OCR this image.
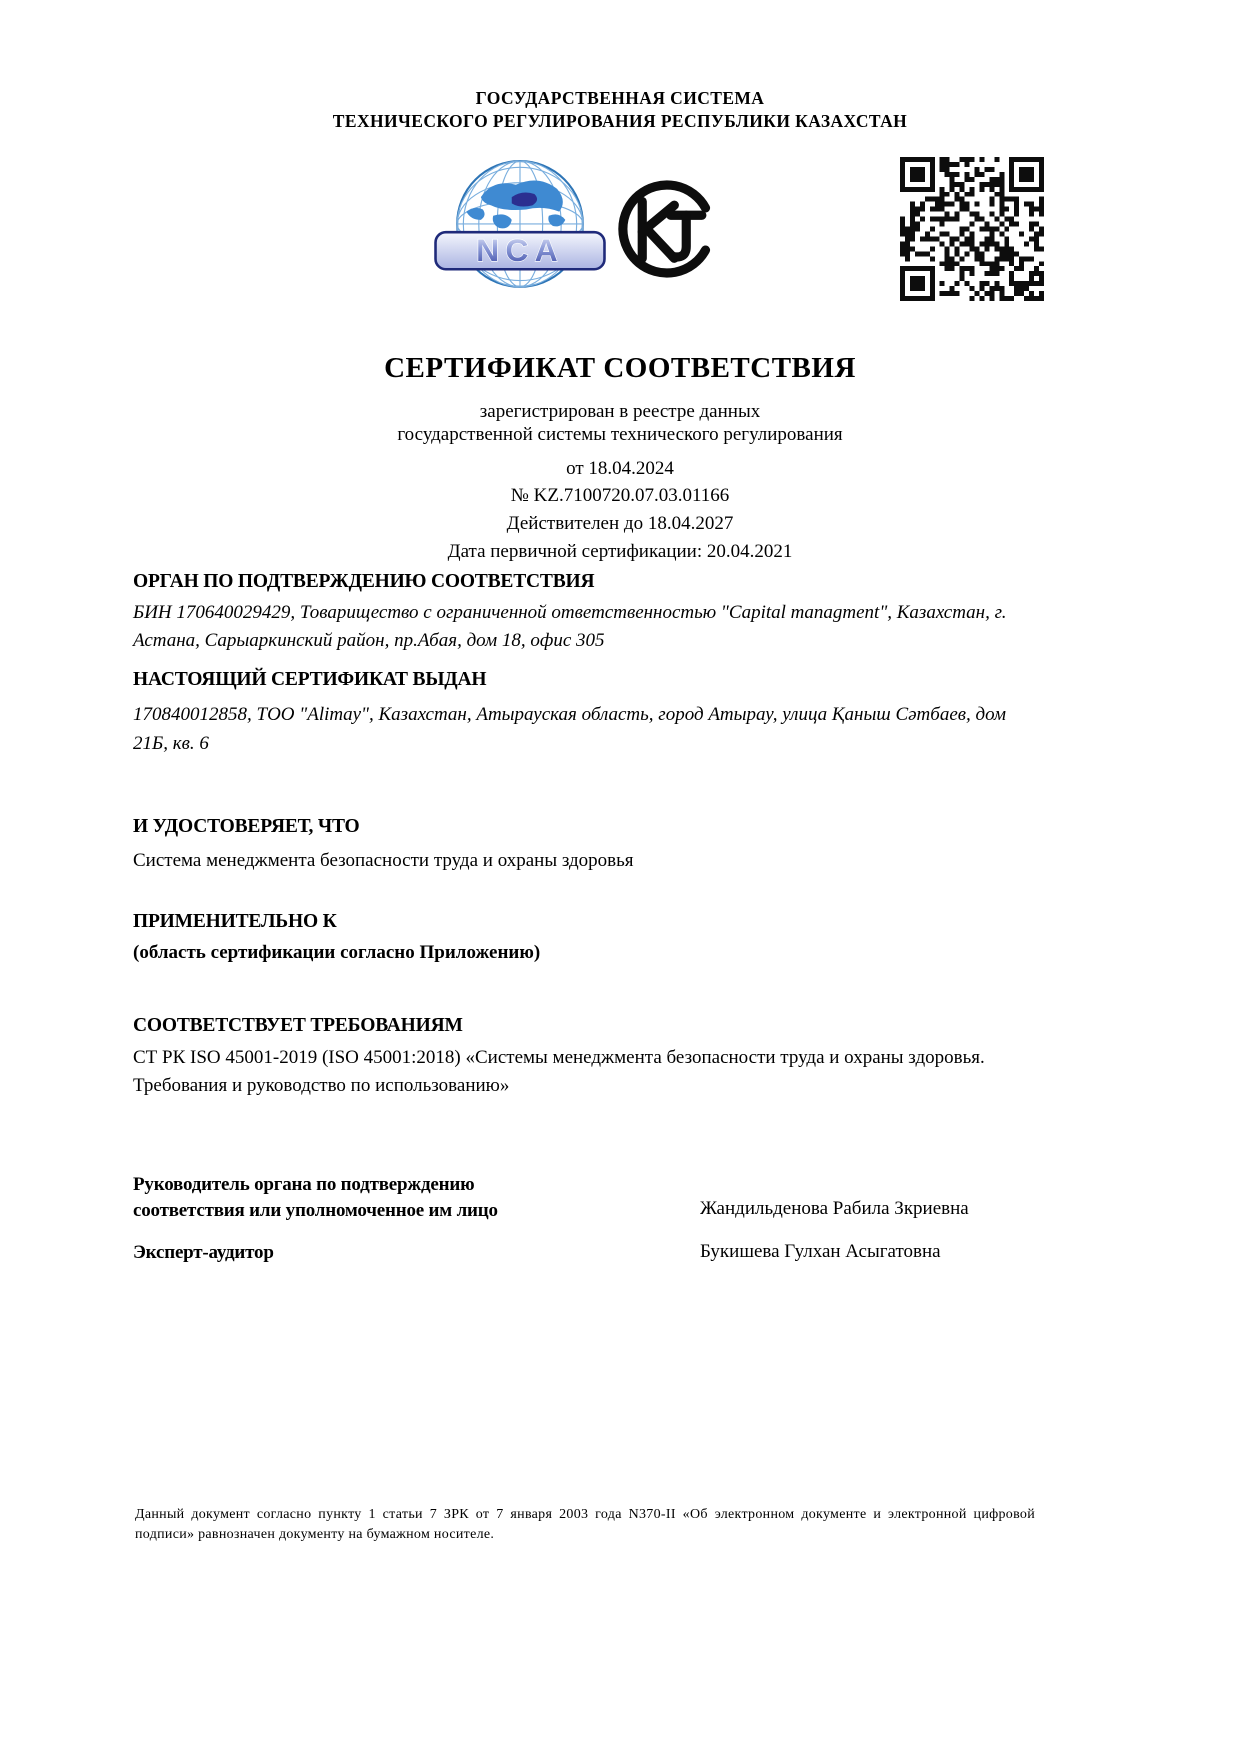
ГОСУДАРСТВЕННАЯ СИСТЕМА
ТЕХНИЧЕСКОГО РЕГУЛИРОВАНИЯ РЕСПУБЛИКИ КАЗАХСТАН
NCA
СЕРТИФИКАТ СООТВЕТСТВИЯ
зарегистрирован в реестре данных
государственной системы технического регулирования
от 18.04.2024
№ KZ.7100720.07.03.01166
Действителен до 18.04.2027
Дата первичной сертификации: 20.04.2021
ОРГАН ПО ПОДТВЕРЖДЕНИЮ СООТВЕТСТВИЯ
БИН 170640029429, Товарищество с ограниченной ответственностью "Capital managment", Казахстан, г. Астана, Сарыаркинский район, пр.Абая, дом 18, офис 305
НАСТОЯЩИЙ СЕРТИФИКАТ ВЫДАН
170840012858, ТОО "Alimay", Казахстан, Атырауская область, город Атырау, улица Қаныш Сәтбаев, дом 21Б, кв. 6
И УДОСТОВЕРЯЕТ, ЧТО
Система менеджмента безопасности труда и охраны здоровья
ПРИМЕНИТЕЛЬНО К
(область сертификации согласно Приложению)
СООТВЕТСТВУЕТ ТРЕБОВАНИЯМ
СТ РК ISO 45001-2019 (ISO 45001:2018) «Системы менеджмента безопасности труда и охраны здоровья. Требования и руководство по использованию»
Руководитель органа по подтверждению соответствия или уполномоченное им лицо	Жандильденова Рабила Зкриевна
Эксперт-аудитор	Букишева Гулхан Асыгатовна
Данный документ согласно пункту 1 статьи 7 ЗРК от 7 января 2003 года N370-II «Об электронном документе и электронной цифровой подписи» равнозначен документу на бумажном носителе.
